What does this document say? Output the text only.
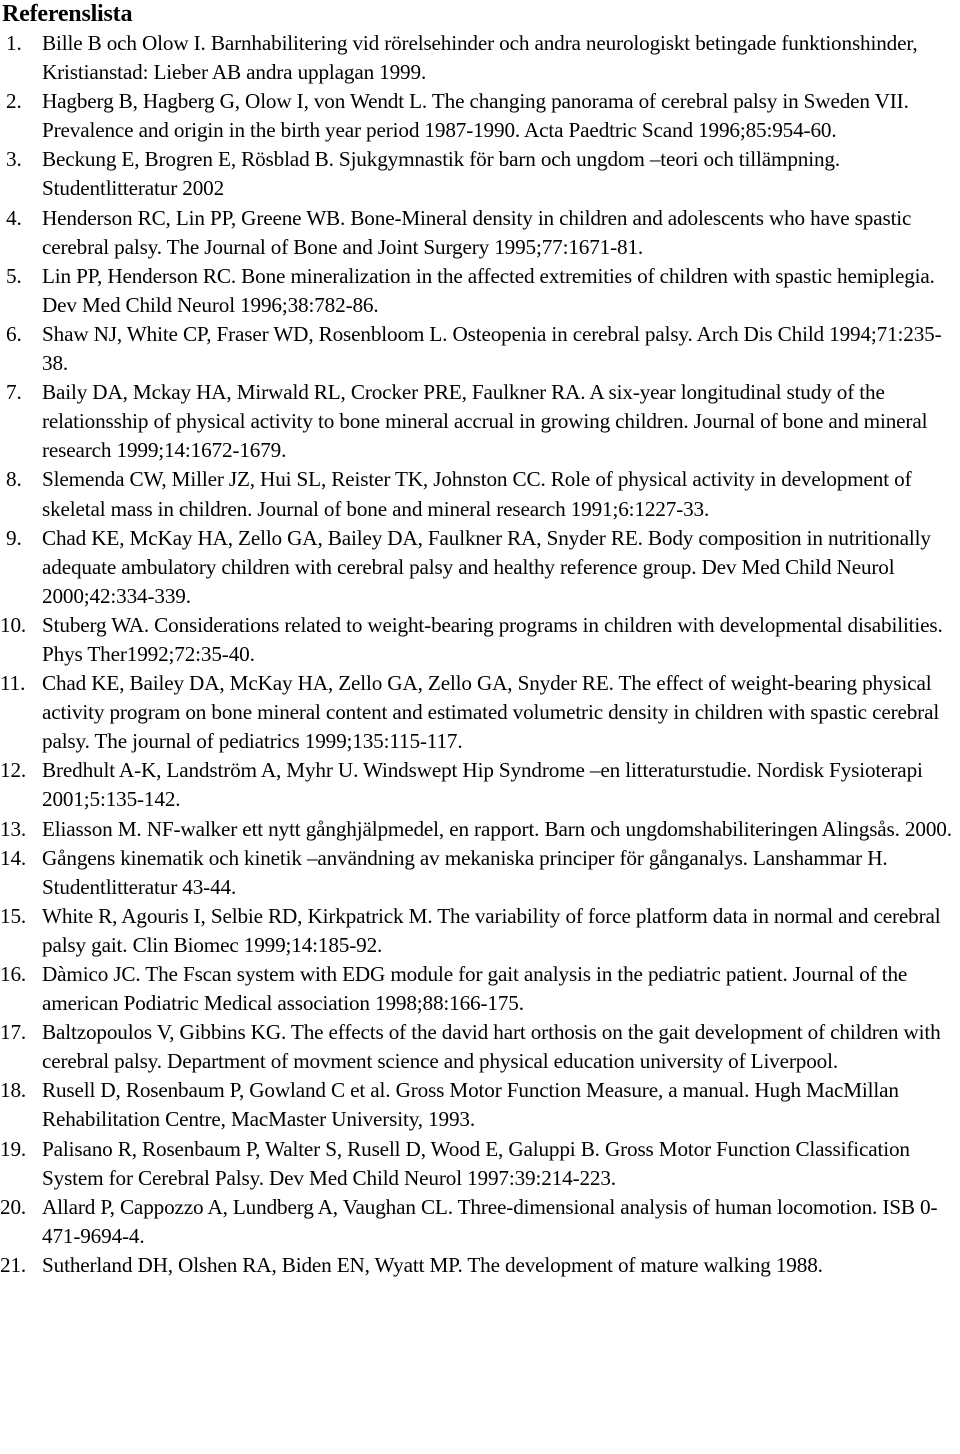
Referenslista
1. Bille B och Olow I. Barnhabilitering vid rörelsehinder och andra neurologiskt betingade funktionshinder, Kristianstad: Lieber AB andra upplagan 1999.
2. Hagberg B, Hagberg G, Olow I, von Wendt L. The changing panorama of cerebral palsy in Sweden VII. Prevalence and origin in the birth year period 1987-1990. Acta Paedtric Scand 1996;85:954-60.
3. Beckung E, Brogren E, Rösblad B. Sjukgymnastik för barn och ungdom –teori och tillämpning. Studentlitteratur 2002
4. Henderson RC, Lin PP, Greene WB. Bone-Mineral density in children and adolescents who have spastic cerebral palsy. The Journal of Bone and Joint Surgery 1995;77:1671-81.
5. Lin PP, Henderson RC. Bone mineralization in the affected extremities of children with spastic hemiplegia. Dev Med Child Neurol 1996;38:782-86.
6. Shaw NJ, White CP, Fraser WD, Rosenbloom L. Osteopenia in cerebral palsy. Arch Dis Child 1994;71:235-38.
7. Baily DA, Mckay HA, Mirwald RL, Crocker PRE, Faulkner RA. A six-year longitudinal study of the relationsship of physical activity to bone mineral accrual in growing children. Journal of bone and mineral research 1999;14:1672-1679.
8. Slemenda CW, Miller JZ, Hui SL, Reister TK, Johnston CC. Role of physical activity in development of skeletal mass in children. Journal of bone and mineral research 1991;6:1227-33.
9. Chad KE, McKay HA, Zello GA, Bailey DA, Faulkner RA, Snyder RE. Body composition in nutritionally adequate ambulatory children with cerebral palsy and healthy reference group. Dev Med Child Neurol 2000;42:334-339.
10. Stuberg WA. Considerations related to weight-bearing programs in children with developmental disabilities. Phys Ther1992;72:35-40.
11. Chad KE, Bailey DA, McKay HA, Zello GA, Zello GA, Snyder RE. The effect of weight-bearing physical activity program on bone mineral content and estimated volumetric density in children with spastic cerebral palsy. The journal of pediatrics 1999;135:115-117.
12. Bredhult A-K, Landström A, Myhr U. Windswept Hip Syndrome –en litteraturstudie. Nordisk Fysioterapi 2001;5:135-142.
13. Eliasson M. NF-walker ett nytt gånghjälpmedel, en rapport. Barn och ungdomshabiliteringen Alingsås. 2000.
14. Gångens kinematik och kinetik –användning av mekaniska principer för gånganalys. Lanshammar H. Studentlitteratur 43-44.
15. White R, Agouris I, Selbie RD, Kirkpatrick M. The variability of force platform data in normal and cerebral palsy gait. Clin Biomec 1999;14:185-92.
16. Dàmico JC. The Fscan system with EDG module for gait analysis in the pediatric patient. Journal of the american Podiatric Medical association 1998;88:166-175.
17. Baltzopoulos V, Gibbins KG. The effects of the david hart orthosis on the gait development of children with cerebral palsy. Department of movment science and physical education university of Liverpool.
18. Rusell D, Rosenbaum P, Gowland C et al. Gross Motor Function Measure, a manual. Hugh MacMillan Rehabilitation Centre, MacMaster University, 1993.
19. Palisano R, Rosenbaum P, Walter S, Rusell D, Wood E, Galuppi B. Gross Motor Function Classification System for Cerebral Palsy. Dev Med Child Neurol 1997:39:214-223.
20. Allard P, Cappozzo A, Lundberg A, Vaughan CL. Three-dimensional analysis of human locomotion. ISB 0-471-9694-4.
21. Sutherland DH, Olshen RA, Biden EN, Wyatt MP. The development of mature walking 1988.
